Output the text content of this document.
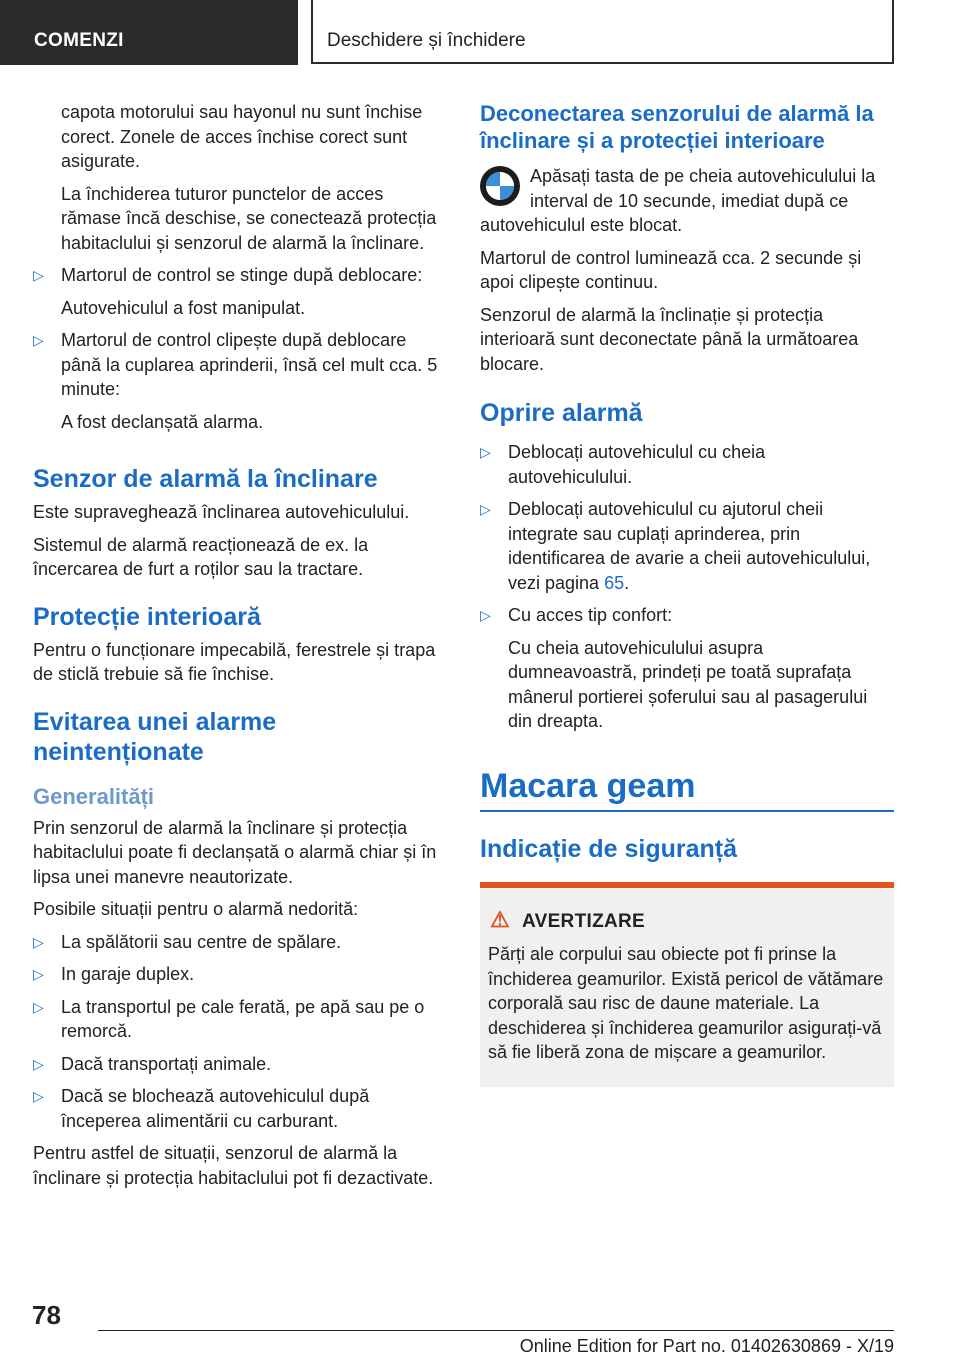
COMENZI	Deschidere și închidere

capota motorului sau hayonul nu sunt închise corect. Zonele de acces închise corect sunt asigurate.

La închiderea tuturor punctelor de acces rămase încă deschise, se conectează protecția habitaclului și senzorul de alarmă la înclinare.

▷ Martorul de control se stinge după deblocare:
Autovehiculul a fost manipulat.
▷ Martorul de control clipește după deblocare până la cuplarea aprinderii, însă cel mult cca. 5 minute:
A fost declanșată alarma.
Senzor de alarmă la înclinare

Este supraveghează înclinarea autovehiculului.

Sistemul de alarmă reacționează de ex. la încercarea de furt a roților sau la tractare.

Protecție interioară

Pentru o funcționare impecabilă, ferestrele și trapa de sticlă trebuie să fie închise.

Evitarea unei alarme neintenționate
Generalități

Prin senzorul de alarmă la înclinare și protecția habitaclului poate fi declanșată o alarmă chiar și în lipsa unei manevre neautorizate.

Posibile situații pentru o alarmă nedorită:

▷ La spălătorii sau centre de spălare.
▷ In garaje duplex.
▷ La transportul pe cale ferată, pe apă sau pe o remorcă.
▷ Dacă transportați animale.
▷ Dacă se blochează autovehiculul după începerea alimentării cu carburant.

Pentru astfel de situații, senzorul de alarmă la înclinare și protecția habitaclului pot fi dezactivate.

Deconectarea senzorului de alarmă la înclinare și a protecției interioare

Apăsați tasta de pe cheia autovehiculului la interval de 10 secunde, imediat după ce autovehiculul este blocat.

Martorul de control luminează cca. 2 secunde și apoi clipește continuu.

Senzorul de alarmă la înclinație și protecția interioară sunt deconectate până la următoarea blocare.

Oprire alarmă
▷ Deblocați autovehiculul cu cheia autovehiculului.
▷ Deblocați autovehiculul cu ajutorul cheii integrate sau cuplați aprinderea, prin identificarea de avarie a cheii autovehiculului, vezi pagina 65.
▷ Cu acces tip confort:
Cu cheia autovehiculului asupra dumneavoastră, prindeți pe toată suprafața mânerul portierei șoferului sau al pasagerului din dreapta.
Macara geam
Indicație de siguranță
⚠ AVERTIZARE

Părți ale corpului sau obiecte pot fi prinse la închiderea geamurilor. Există pericol de vătămare corporală sau risc de daune materiale. La deschiderea și închiderea geamurilor asigurați-vă să fie liberă zona de mișcare a geamurilor.

78
Online Edition for Part no. 01402630869 - X/19
